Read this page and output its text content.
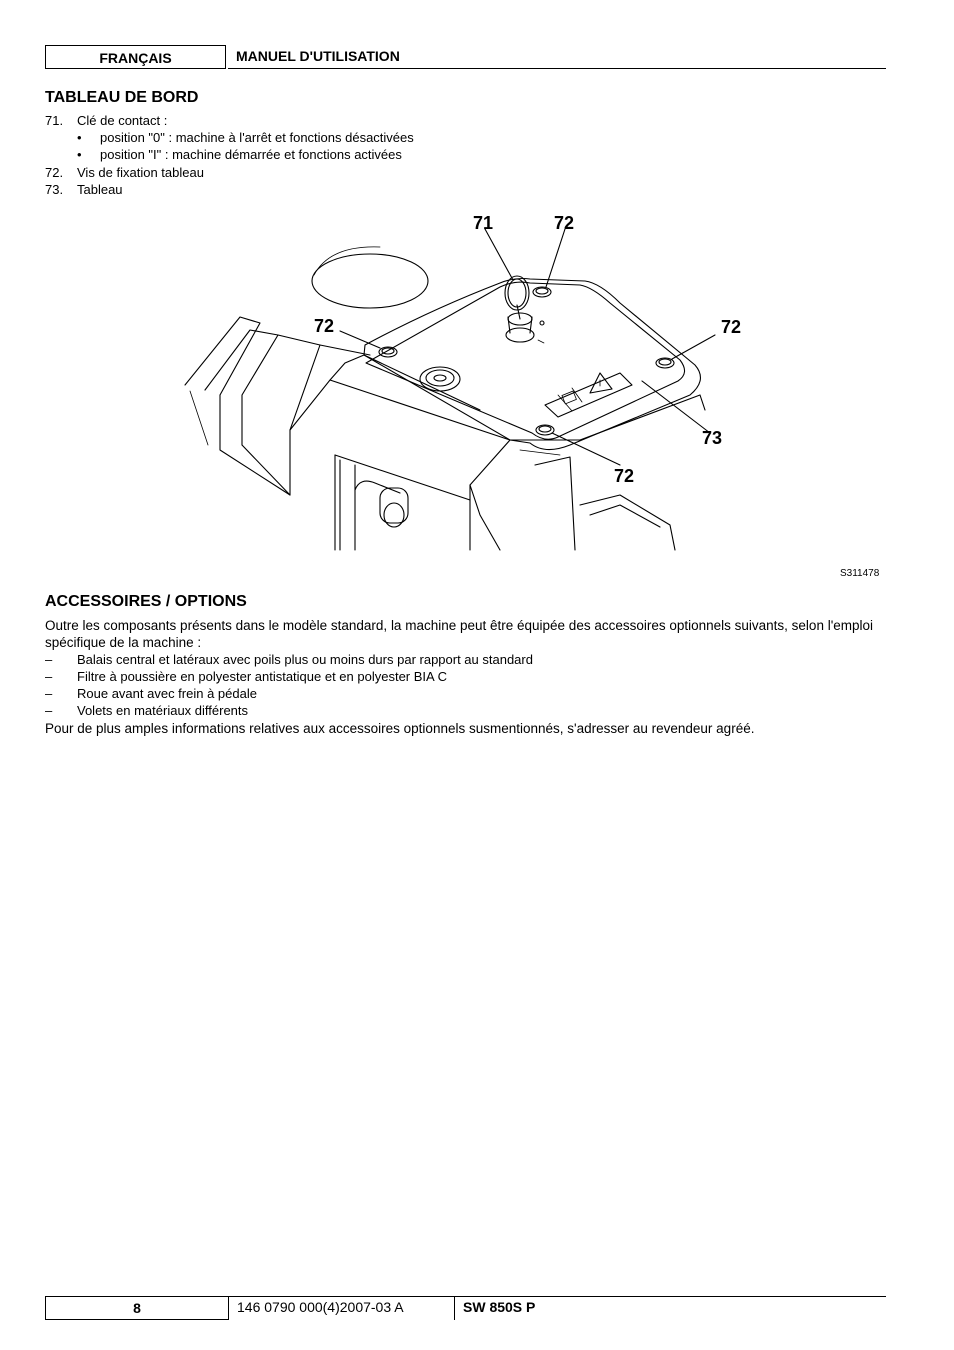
FRANÇAIS	MANUEL D'UTILISATION
TABLEAU DE BORD
71. Clé de contact :
• position "0" : machine à l'arrêt et fonctions désactivées
• position "I" : machine démarrée et fonctions activées
72. Vis de fixation tableau
73. Tableau
71	72
72	72
73
72
S311478
ACCESSOIRES / OPTIONS
Outre les composants présents dans le modèle standard, la machine peut être équipée des accessoires optionnels suivants, selon l'emploi spécifique de la machine :
– Balais central et latéraux avec poils plus ou moins durs par rapport au standard
– Filtre à poussière en polyester antistatique et en polyester BIA C
– Roue avant avec frein à pédale
– Volets en matériaux différents
Pour de plus amples informations relatives aux accessoires optionnels susmentionnés, s'adresser au revendeur agréé.
8	146 0790 000(4)2007-03 A	SW 850S P
